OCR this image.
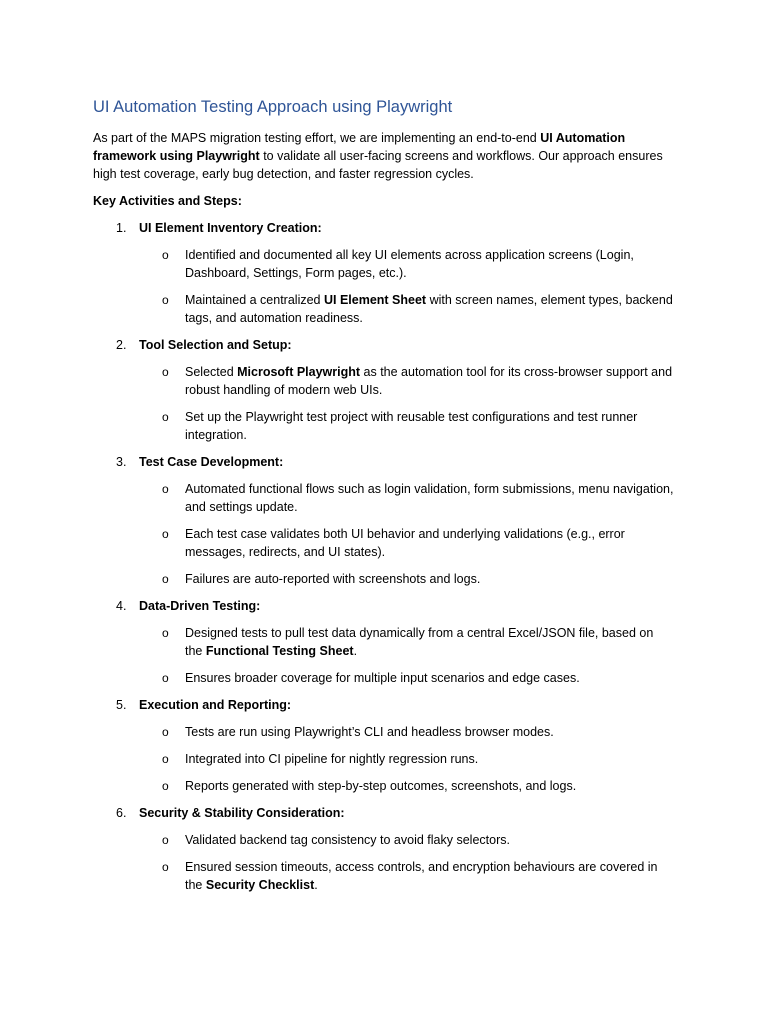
UI Automation Testing Approach using Playwright

As part of the MAPS migration testing effort, we are implementing an end-to-end UI Automation framework using Playwright to validate all user-facing screens and workflows. Our approach ensures high test coverage, early bug detection, and faster regression cycles.

Key Activities and Steps:

1. UI Element Inventory Creation:
o Identified and documented all key UI elements across application screens (Login, Dashboard, Settings, Form pages, etc.).
o Maintained a centralized UI Element Sheet with screen names, element types, backend tags, and automation readiness.
2. Tool Selection and Setup:
o Selected Microsoft Playwright as the automation tool for its cross-browser support and robust handling of modern web UIs.
o Set up the Playwright test project with reusable test configurations and test runner integration.
3. Test Case Development:
o Automated functional flows such as login validation, form submissions, menu navigation, and settings update.
o Each test case validates both UI behavior and underlying validations (e.g., error messages, redirects, and UI states).
o Failures are auto-reported with screenshots and logs.
4. Data-Driven Testing:
o Designed tests to pull test data dynamically from a central Excel/JSON file, based on the Functional Testing Sheet.
o Ensures broader coverage for multiple input scenarios and edge cases.
5. Execution and Reporting:
o Tests are run using Playwright’s CLI and headless browser modes.
o Integrated into CI pipeline for nightly regression runs.
o Reports generated with step-by-step outcomes, screenshots, and logs.
6. Security & Stability Consideration:
o Validated backend tag consistency to avoid flaky selectors.
o Ensured session timeouts, access controls, and encryption behaviours are covered in the Security Checklist.
